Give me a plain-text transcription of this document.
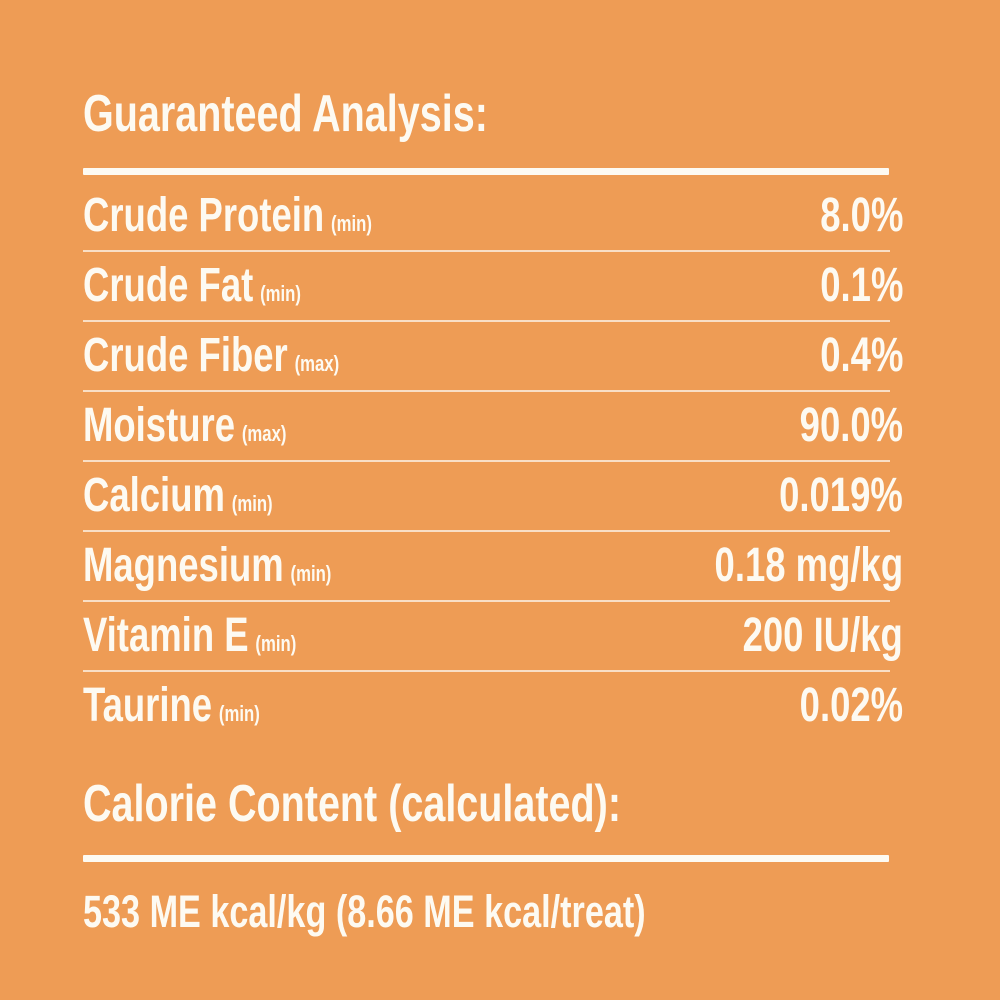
Guaranteed Analysis:
Crude Protein (min)	8.0%
Crude Fat (min)	0.1%
Crude Fiber (max)	0.4%
Moisture (max)	90.0%
Calcium (min)	0.019%
Magnesium (min)	0.18 mg/kg
Vitamin E (min)	200 IU/kg
Taurine (min)	0.02%
Calorie Content (calculated):
533 ME kcal/kg (8.66 ME kcal/treat)
